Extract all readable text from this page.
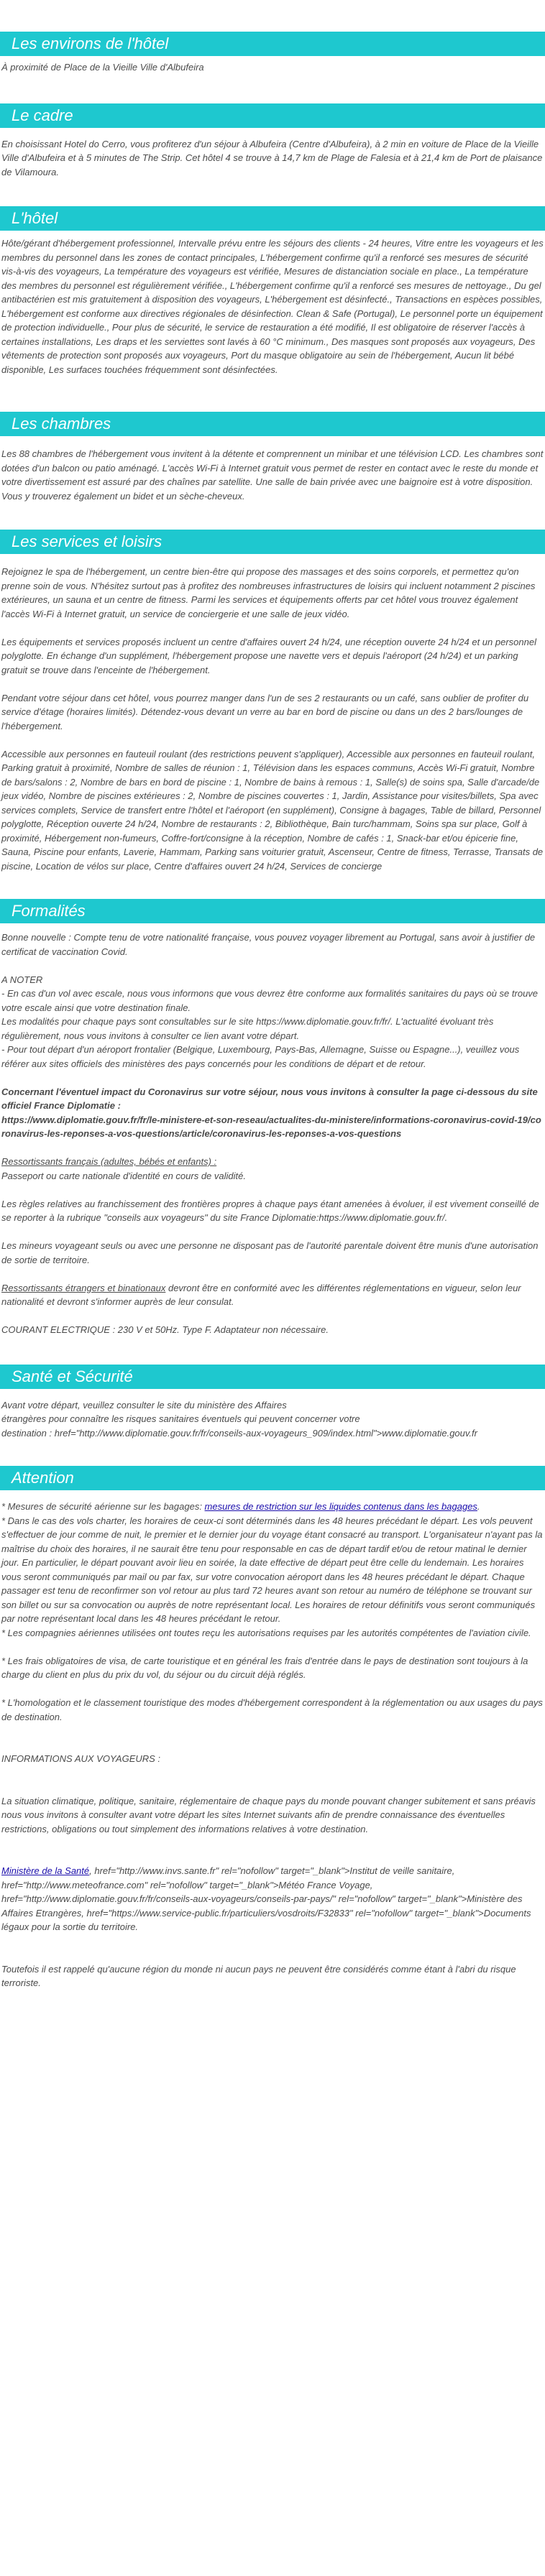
Les environs de l'hôtel

À proximité de Place de la Vieille Ville d'Albufeira

Le cadre

En choisissant Hotel do Cerro, vous profiterez d'un séjour à Albufeira (Centre d'Albufeira), à 2 min en voiture de Place de la Vieille Ville d'Albufeira et à 5 minutes de The Strip. Cet hôtel 4 se trouve à 14,7 km de Plage de Falesia et à 21,4 km de Port de plaisance de Vilamoura.

L'hôtel

Hôte/gérant d'hébergement professionnel, Intervalle prévu entre les séjours des clients - 24 heures, Vitre entre les voyageurs et les membres du personnel dans les zones de contact principales, L'hébergement confirme qu'il a renforcé ses mesures de sécurité vis-à-vis des voyageurs, La température des voyageurs est vérifiée, Mesures de distanciation sociale en place., La température des membres du personnel est régulièrement vérifiée., L'hébergement confirme qu'il a renforcé ses mesures de nettoyage., Du gel antibactérien est mis gratuitement à disposition des voyageurs, L'hébergement est désinfecté., Transactions en espèces possibles, L'hébergement est conforme aux directives régionales de désinfection. Clean & Safe (Portugal), Le personnel porte un équipement de protection individuelle., Pour plus de sécurité, le service de restauration a été modifié, Il est obligatoire de réserver l'accès à certaines installations, Les draps et les serviettes sont lavés à 60 °C minimum., Des masques sont proposés aux voyageurs, Des vêtements de protection sont proposés aux voyageurs, Port du masque obligatoire au sein de l'hébergement, Aucun lit bébé disponible, Les surfaces touchées fréquemment sont désinfectées.

Les chambres

Les 88 chambres de l'hébergement vous invitent à la détente et comprennent un minibar et une télévision LCD. Les chambres sont dotées d'un balcon ou patio aménagé. L'accès Wi-Fi à Internet gratuit vous permet de rester en contact avec le reste du monde et votre divertissement est assuré par des chaînes par satellite. Une salle de bain privée avec une baignoire est à votre disposition. Vous y trouverez également un bidet et un sèche-cheveux.

Les services et loisirs

Rejoignez le spa de l'hébergement, un centre bien-être qui propose des massages et des soins corporels, et permettez qu'on prenne soin de vous. N'hésitez surtout pas à profitez des nombreuses infrastructures de loisirs qui incluent notamment 2 piscines extérieures, un sauna et un centre de fitness. Parmi les services et équipements offerts par cet hôtel vous trouvez également l'accès Wi-Fi à Internet gratuit, un service de conciergerie et une salle de jeux vidéo.

Les équipements et services proposés incluent un centre d'affaires ouvert 24 h/24, une réception ouverte 24 h/24 et un personnel polyglotte. En échange d'un supplément, l'hébergement propose une navette vers et depuis l'aéroport (24 h/24) et un parking gratuit se trouve dans l'enceinte de l'hébergement.

Pendant votre séjour dans cet hôtel, vous pourrez manger dans l'un de ses 2 restaurants ou un café, sans oublier de profiter du service d'étage (horaires limités). Détendez-vous devant un verre au bar en bord de piscine ou dans un des 2 bars/lounges de l'hébergement.

Accessible aux personnes en fauteuil roulant (des restrictions peuvent s'appliquer), Accessible aux personnes en fauteuil roulant, Parking gratuit à proximité, Nombre de salles de réunion : 1, Télévision dans les espaces communs, Accès Wi-Fi gratuit, Nombre de bars/salons : 2, Nombre de bars en bord de piscine : 1, Nombre de bains à remous : 1, Salle(s) de soins spa, Salle d'arcade/de jeux vidéo, Nombre de piscines extérieures : 2, Nombre de piscines couvertes : 1, Jardin, Assistance pour visites/billets, Spa avec services complets, Service de transfert entre l'hôtel et l'aéroport (en supplément), Consigne à bagages, Table de billard, Personnel polyglotte, Réception ouverte 24 h/24, Nombre de restaurants : 2, Bibliothèque, Bain turc/hammam, Soins spa sur place, Golf à proximité, Hébergement non-fumeurs, Coffre-fort/consigne à la réception, Nombre de cafés : 1, Snack-bar et/ou épicerie fine, Sauna, Piscine pour enfants, Laverie, Hammam, Parking sans voiturier gratuit, Ascenseur, Centre de fitness, Terrasse, Transats de piscine, Location de vélos sur place, Centre d'affaires ouvert 24 h/24, Services de concierge

Formalités

Bonne nouvelle : Compte tenu de votre nationalité française, vous pouvez voyager librement au Portugal, sans avoir à justifier de certificat de vaccination Covid.

A NOTER

- En cas d'un vol avec escale, nous vous informons que vous devrez être conforme aux formalités sanitaires du pays où se trouve votre escale ainsi que votre destination finale.

Les modalités pour chaque pays sont consultables sur le site https://www.diplomatie.gouv.fr/fr/. L'actualité évoluant très régulièrement, nous vous invitons à consulter ce lien avant votre départ.

- Pour tout départ d'un aéroport frontalier (Belgique, Luxembourg, Pays-Bas, Allemagne, Suisse ou Espagne...), veuillez vous référer aux sites officiels des ministères des pays concernés pour les conditions de départ et de retour.

Concernant l'éventuel impact du Coronavirus sur votre séjour, nous vous invitons à consulter la page ci-dessous du site officiel France Diplomatie :

https://www.diplomatie.gouv.fr/fr/le-ministere-et-son-reseau/actualites-du-ministere/informations-coronavirus-covid-19/coronavirus-les-reponses-a-vos-questions/article/coronavirus-les-reponses-a-vos-questions

Ressortissants français (adultes, bébés et enfants) :

Passeport ou carte nationale d'identité en cours de validité.

Les règles relatives au franchissement des frontières propres à chaque pays étant amenées à évoluer, il est vivement conseillé de se reporter à la rubrique "conseils aux voyageurs" du site France Diplomatie:https://www.diplomatie.gouv.fr/.

Les mineurs voyageant seuls ou avec une personne ne disposant pas de l'autorité parentale doivent être munis d'une autorisation de sortie de territoire.

Ressortissants étrangers et binationaux devront être en conformité avec les différentes réglementations en vigueur, selon leur nationalité et devront s'informer auprès de leur consulat.

COURANT ELECTRIQUE : 230 V et 50Hz. Type F. Adaptateur non nécessaire.

Santé et Sécurité

Avant votre départ, veuillez consulter le site du ministère des Affaires

étrangères pour connaître les risques sanitaires éventuels qui peuvent concerner votre

destination : href="http://www.diplomatie.gouv.fr/fr/conseils-aux-voyageurs_909/index.html">www.diplomatie.gouv.fr

Attention

* Mesures de sécurité aérienne sur les bagages: mesures de restriction sur les liquides contenus dans les bagages.

* Dans le cas des vols charter, les horaires de ceux-ci sont déterminés dans les 48 heures précédant le départ. Les vols peuvent s'effectuer de jour comme de nuit, le premier et le dernier jour du voyage étant consacré au transport. L'organisateur n'ayant pas la maîtrise du choix des horaires, il ne saurait être tenu pour responsable en cas de départ tardif et/ou de retour matinal le dernier jour. En particulier, le départ pouvant avoir lieu en soirée, la date effective de départ peut être celle du lendemain. Les horaires vous seront communiqués par mail ou par fax, sur votre convocation aéroport dans les 48 heures précédant le départ. Chaque passager est tenu de reconfirmer son vol retour au plus tard 72 heures avant son retour au numéro de téléphone se trouvant sur son billet ou sur sa convocation ou auprès de notre représentant local. Les horaires de retour définitifs vous seront communiqués par notre représentant local dans les 48 heures précédant le retour.

* Les compagnies aériennes utilisées ont toutes reçu les autorisations requises par les autorités compétentes de l'aviation civile.

* Les frais obligatoires de visa, de carte touristique et en général les frais d'entrée dans le pays de destination sont toujours à la charge du client en plus du prix du vol, du séjour ou du circuit déjà réglés.

* L'homologation et le classement touristique des modes d'hébergement correspondent à la réglementation ou aux usages du pays de destination.

INFORMATIONS AUX VOYAGEURS :

La situation climatique, politique, sanitaire, réglementaire de chaque pays du monde pouvant changer subitement et sans préavis

nous vous invitons à consulter avant votre départ les sites Internet suivants afin de prendre connaissance des éventuelles restrictions, obligations ou tout simplement des informations relatives à votre destination.

Ministère de la Santé, href="http://www.invs.sante.fr" rel="nofollow" target="_blank">Institut de veille sanitaire, href="http://www.meteofrance.com" rel="nofollow" target="_blank">Météo France Voyage, href="http://www.diplomatie.gouv.fr/fr/conseils-aux-voyageurs/conseils-par-pays/" rel="nofollow" target="_blank">Ministère des Affaires Etrangères, href="https://www.service-public.fr/particuliers/vosdroits/F32833" rel="nofollow" target="_blank">Documents légaux pour la sortie du territoire.

Toutefois il est rappelé qu'aucune région du monde ni aucun pays ne peuvent être considérés comme étant à l'abri du risque terroriste.
